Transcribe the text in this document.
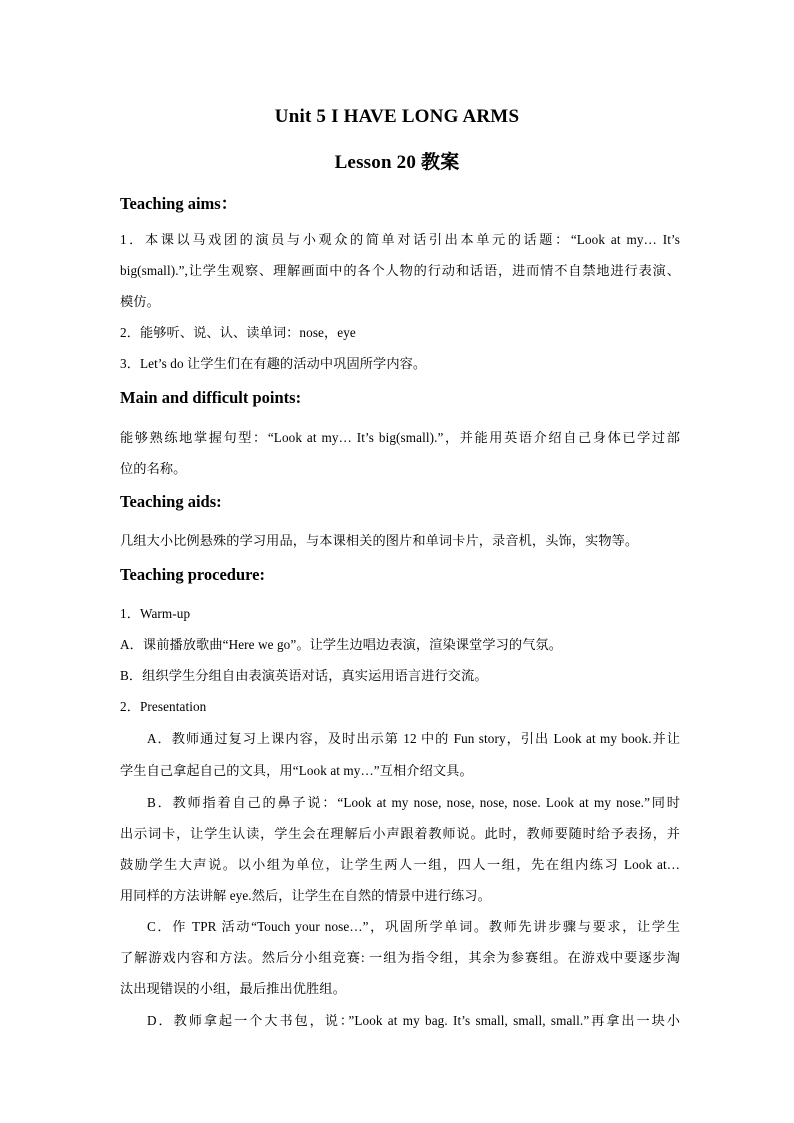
Unit 5 I HAVE LONG ARMS
Lesson 20 教案
Teaching aims：
1．本课以马戏团的演员与小观众的简单对话引出本单元的话题：“Look at my… It’s
big(small).”,让学生观察、理解画面中的各个人物的行动和话语，进而情不自禁地进行表演、
模仿。
2．能够听、说、认、读单词：nose，eye
3．Let’s do 让学生们在有趣的活动中巩固所学内容。
Main and difficult points:
能够熟练地掌握句型：“Look at my… It’s big(small).”，并能用英语介绍自己身体已学过部
位的名称。
Teaching aids:
几组大小比例悬殊的学习用品，与本课相关的图片和单词卡片，录音机，头饰，实物等。
Teaching procedure:
1．Warm-up
A．课前播放歌曲“Here we go”。让学生边唱边表演，渲染课堂学习的气氛。
B．组织学生分组自由表演英语对话，真实运用语言进行交流。
2．Presentation
A．教师通过复习上课内容，及时出示第 12 中的 Fun story，引出 Look at my book.并让
学生自己拿起自己的文具，用“Look at my…”互相介绍文具。
B．教师指着自己的鼻子说：“Look at my nose, nose, nose, nose. Look at my nose.”同时
出示词卡，让学生认读，学生会在理解后小声跟着教师说。此时，教师要随时给予表扬，并
鼓励学生大声说。以小组为单位，让学生两人一组，四人一组，先在组内练习 Look at…
用同样的方法讲解 eye.然后，让学生在自然的情景中进行练习。
C．作 TPR 活动“Touch your nose…”，巩固所学单词。教师先讲步骤与要求，让学生
了解游戏内容和方法。然后分小组竞赛: 一组为指令组，其余为参赛组。在游戏中要逐步淘
汰出现错误的小组，最后推出优胜组。
D．教师拿起一个大书包，说：”Look at my bag. It’s small, small, small.”再拿出一块小
